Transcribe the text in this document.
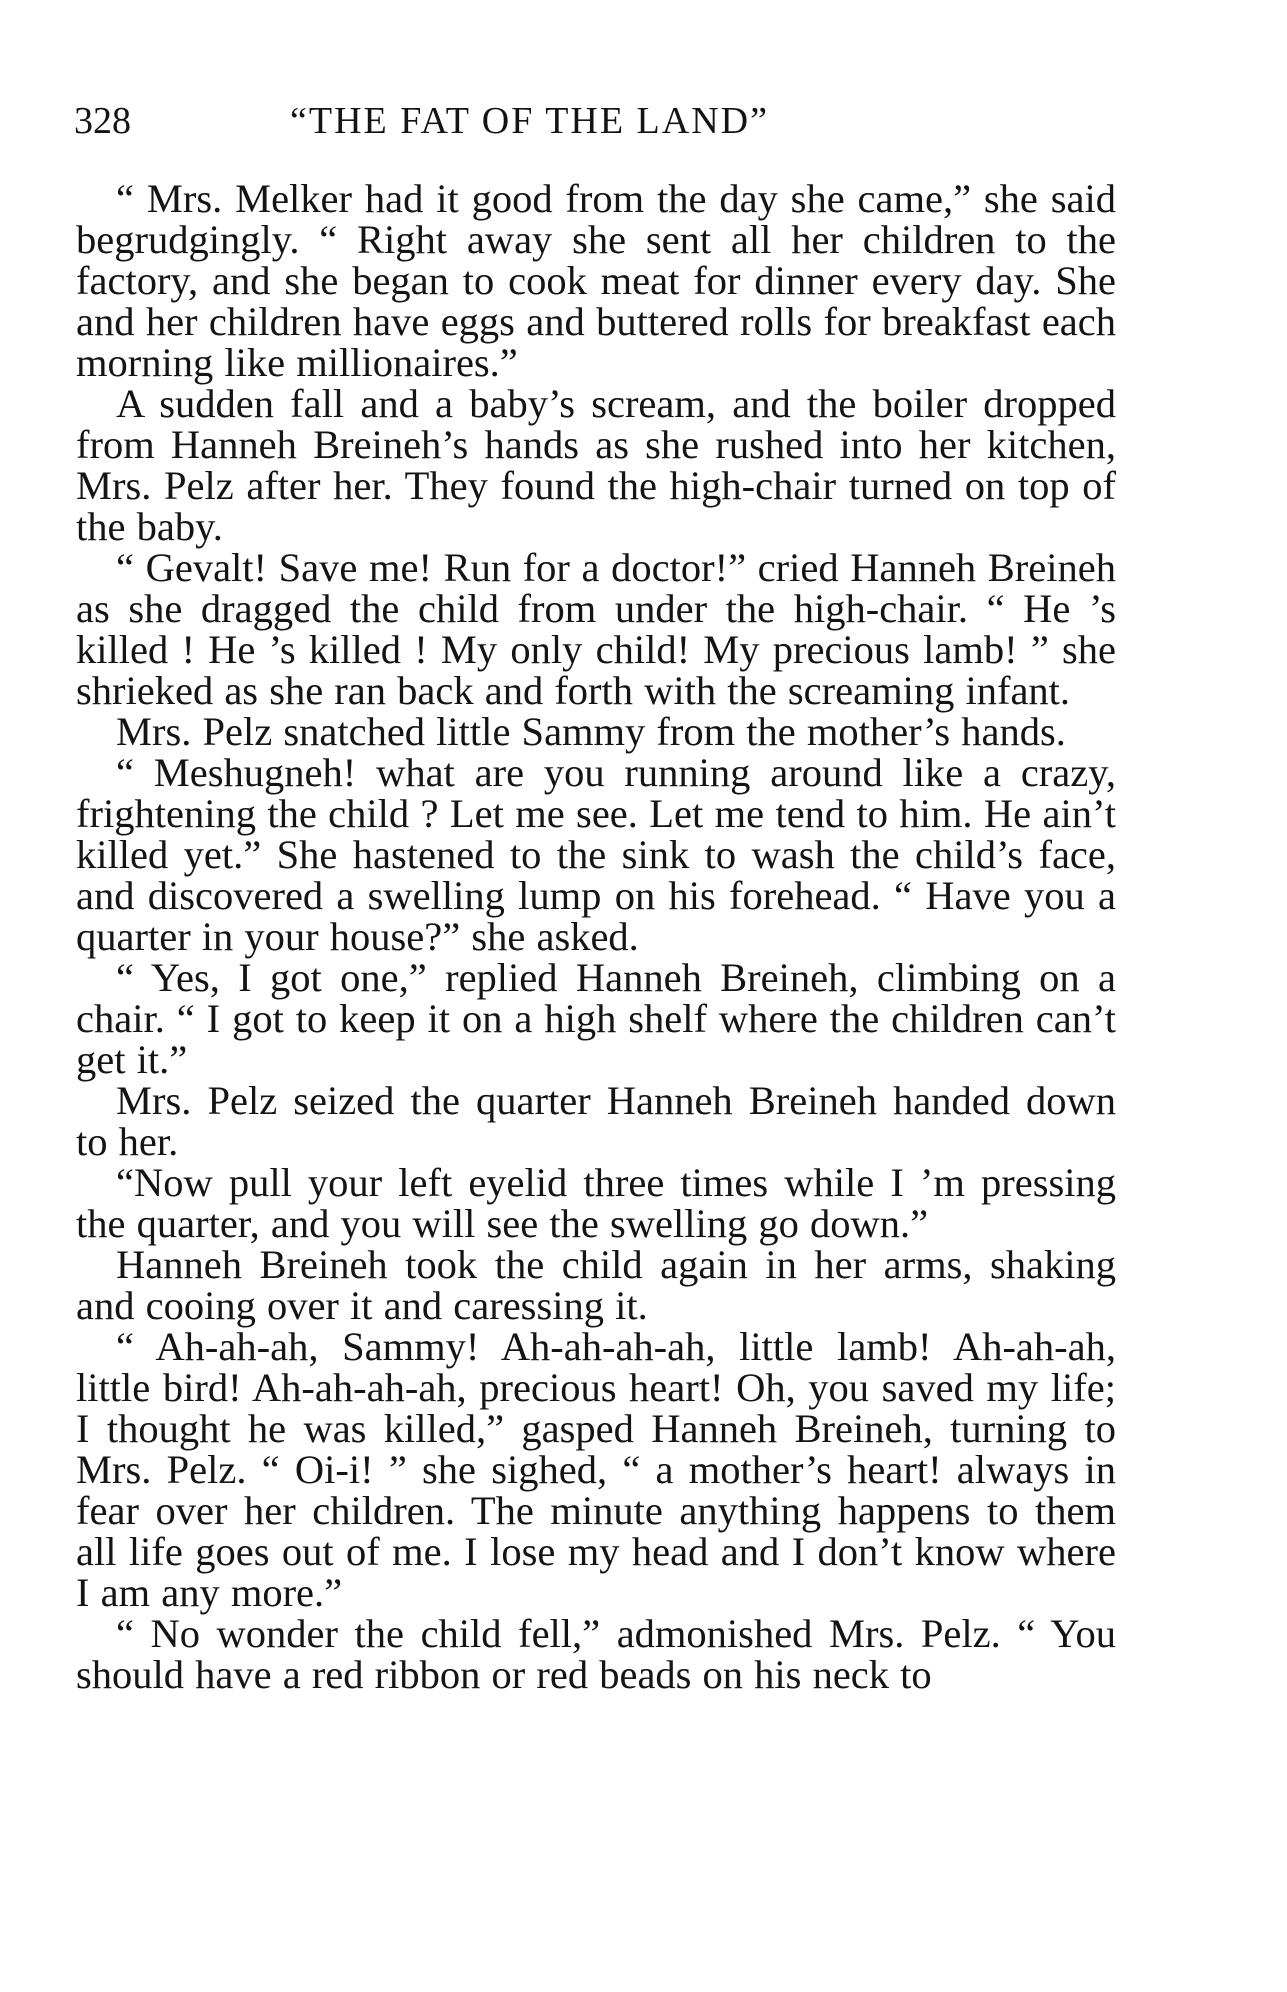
328	“THE FAT OF THE LAND”

“ Mrs. Melker had it good from the day she came,” she said begrudgingly. “ Right away she sent all her children to the factory, and she began to cook meat for dinner every day. She and her children have eggs and buttered rolls for breakfast each morning like millionaires.”

A sudden fall and a baby’s scream, and the boiler dropped from Hanneh Breineh’s hands as she rushed into her kitchen, Mrs. Pelz after her. They found the high-chair turned on top of the baby.

“ Gevalt! Save me! Run for a doctor!” cried Hanneh Breineh as she dragged the child from under the high-chair. “ He ’s killed ! He ’s killed ! My only child! My precious lamb! ” she shrieked as she ran back and forth with the screaming infant.

Mrs. Pelz snatched little Sammy from the mother’s hands.

“ Meshugneh! what are you running around like a crazy, frightening the child ? Let me see. Let me tend to him. He ain’t killed yet.” She hastened to the sink to wash the child’s face, and discovered a swelling lump on his forehead. “ Have you a quarter in your house?” she asked.

“ Yes, I got one,” replied Hanneh Breineh, climbing on a chair. “ I got to keep it on a high shelf where the children can’t get it.”

Mrs. Pelz seized the quarter Hanneh Breineh handed down to her.

“Now pull your left eyelid three times while I ’m pressing the quarter, and you will see the swelling go down.”

Hanneh Breineh took the child again in her arms, shaking and cooing over it and caressing it.

“ Ah-ah-ah, Sammy! Ah-ah-ah-ah, little lamb! Ah-ah-ah, little bird! Ah-ah-ah-ah, precious heart! Oh, you saved my life; I thought he was killed,” gasped Hanneh Breineh, turning to Mrs. Pelz. “ Oi-i! ” she sighed, “ a mother’s heart! always in fear over her children. The minute anything happens to them all life goes out of me. I lose my head and I don’t know where I am any more.”

“ No wonder the child fell,” admonished Mrs. Pelz. “ You should have a red ribbon or red beads on his neck to
